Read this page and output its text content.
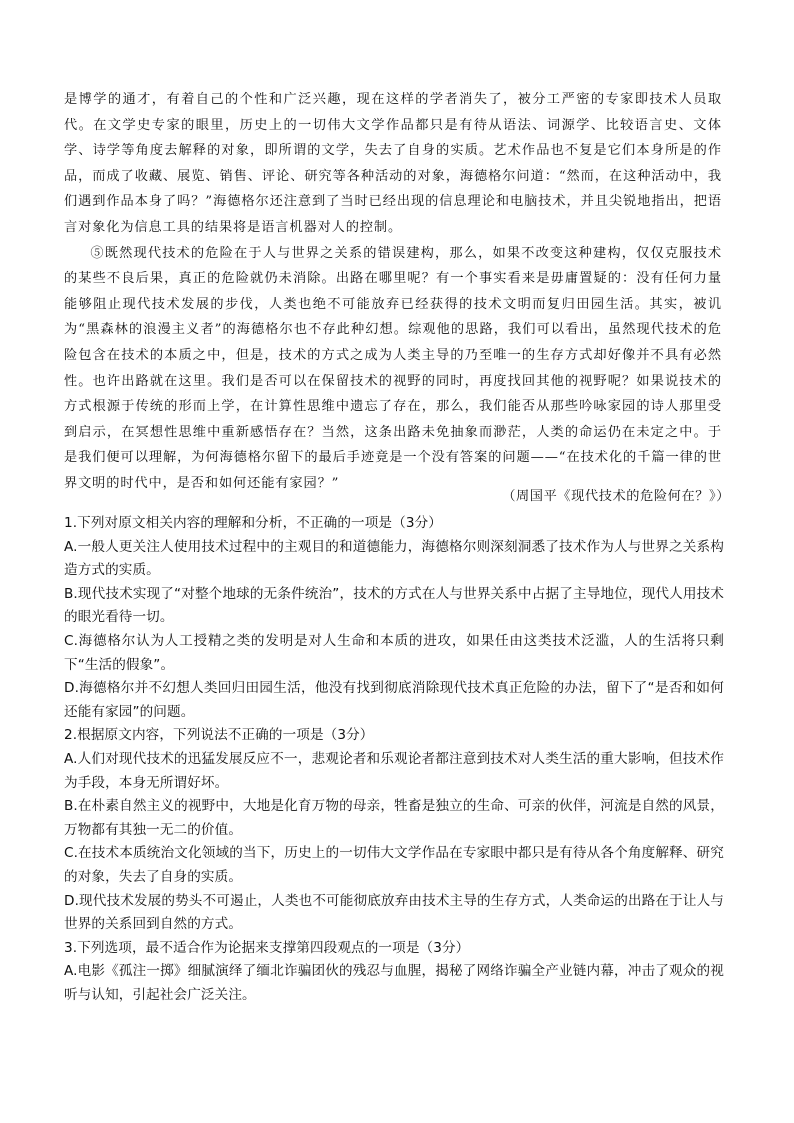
是博学的通才，有着自己的个性和广泛兴趣，现在这样的学者消失了，被分工严密的专家即技术人员取代。在文学史专家的眼里，历史上的一切伟大文学作品都只是有待从语法、词源学、比较语言史、文体学、诗学等角度去解释的对象，即所谓的文学，失去了自身的实质。艺术作品也不复是它们本身所是的作品，而成了收藏、展览、销售、评论、研究等各种活动的对象，海德格尔问道：“然而，在这种活动中，我们遇到作品本身了吗？”海德格尔还注意到了当时已经出现的信息理论和电脑技术，并且尖锐地指出，把语言对象化为信息工具的结果将是语言机器对人的控制。

⑤既然现代技术的危险在于人与世界之关系的错误建构，那么，如果不改变这种建构，仅仅克服技术的某些不良后果，真正的危险就仍未消除。出路在哪里呢？有一个事实看来是毋庸置疑的：没有任何力量能够阻止现代技术发展的步伐，人类也绝不可能放弃已经获得的技术文明而复归田园生活。其实，被讥为“黑森林的浪漫主义者”的海德格尔也不存此种幻想。综观他的思路，我们可以看出，虽然现代技术的危险包含在技术的本质之中，但是，技术的方式之成为人类主导的乃至唯一的生存方式却好像并不具有必然性。也许出路就在这里。我们是否可以在保留技术的视野的同时，再度找回其他的视野呢？如果说技术的方式根源于传统的形而上学，在计算性思维中遗忘了存在，那么，我们能否从那些吟咏家园的诗人那里受到启示，在冥想性思维中重新感悟存在？当然，这条出路未免抽象而渺茫，人类的命运仍在未定之中。于是我们便可以理解，为何海德格尔留下的最后手迹竟是一个没有答案的问题——“在技术化的千篇一律的世界文明的时代中，是否和如何还能有家园？”

（周国平《现代技术的危险何在？》）

1.下列对原文相关内容的理解和分析，不正确的一项是（3分）

A.一般人更关注人使用技术过程中的主观目的和道德能力，海德格尔则深刻洞悉了技术作为人与世界之关系构造方式的实质。

B.现代技术实现了“对整个地球的无条件统治”，技术的方式在人与世界关系中占据了主导地位，现代人用技术的眼光看待一切。

C.海德格尔认为人工授精之类的发明是对人生命和本质的进攻，如果任由这类技术泛滥，人的生活将只剩下“生活的假象”。

D.海德格尔并不幻想人类回归田园生活，他没有找到彻底消除现代技术真正危险的办法，留下了“是否和如何还能有家园”的问题。

2.根据原文内容，下列说法不正确的一项是（3分）

A.人们对现代技术的迅猛发展反应不一，悲观论者和乐观论者都注意到技术对人类生活的重大影响，但技术作为手段，本身无所谓好坏。

B.在朴素自然主义的视野中，大地是化育万物的母亲，牲畜是独立的生命、可亲的伙伴，河流是自然的风景，万物都有其独一无二的价值。

C.在技术本质统治文化领域的当下，历史上的一切伟大文学作品在专家眼中都只是有待从各个角度解释、研究的对象，失去了自身的实质。

D.现代技术发展的势头不可遏止，人类也不可能彻底放弃由技术主导的生存方式，人类命运的出路在于让人与世界的关系回到自然的方式。

3.下列选项，最不适合作为论据来支撑第四段观点的一项是（3分）

A.电影《孤注一掷》细腻演绎了缅北诈骗团伙的残忍与血腥，揭秘了网络诈骗全产业链内幕，冲击了观众的视听与认知，引起社会广泛关注。
